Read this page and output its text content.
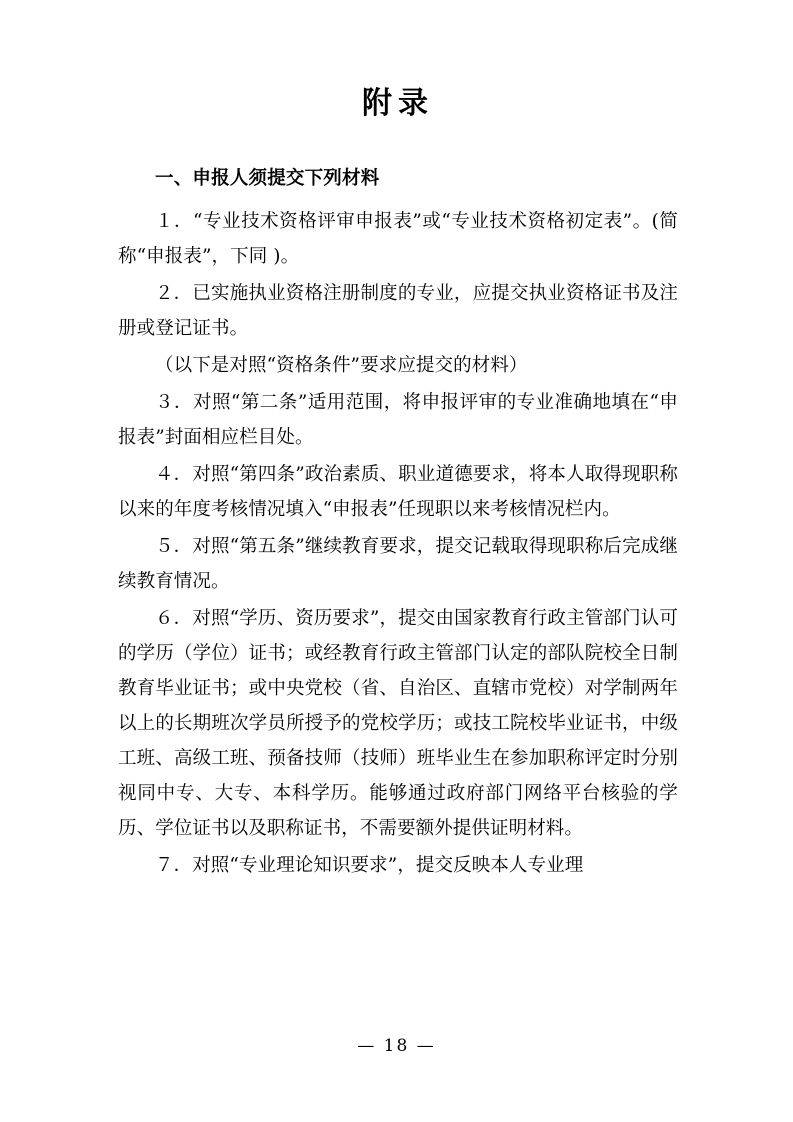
附录
一、申报人须提交下列材料

１．“专业技术资格评审申报表”或“专业技术资格初定表”。(简称“申报表”，下同 )。

２．已实施执业资格注册制度的专业，应提交执业资格证书及注册或登记证书。

（以下是对照“资格条件”要求应提交的材料）

３．对照“第二条”适用范围，将申报评审的专业准确地填在“申报表”封面相应栏目处。

４．对照“第四条”政治素质、职业道德要求，将本人取得现职称以来的年度考核情况填入“申报表”任现职以来考核情况栏内。

５．对照“第五条”继续教育要求，提交记载取得现职称后完成继续教育情况。

６．对照“学历、资历要求”，提交由国家教育行政主管部门认可的学历（学位）证书；或经教育行政主管部门认定的部队院校全日制教育毕业证书；或中央党校（省、自治区、直辖市党校）对学制两年以上的长期班次学员所授予的党校学历；或技工院校毕业证书，中级工班、高级工班、预备技师（技师）班毕业生在参加职称评定时分别视同中专、大专、本科学历。能够通过政府部门网络平台核验的学历、学位证书以及职称证书，不需要额外提供证明材料。

７．对照“专业理论知识要求”，提交反映本人专业理

— 18 —
